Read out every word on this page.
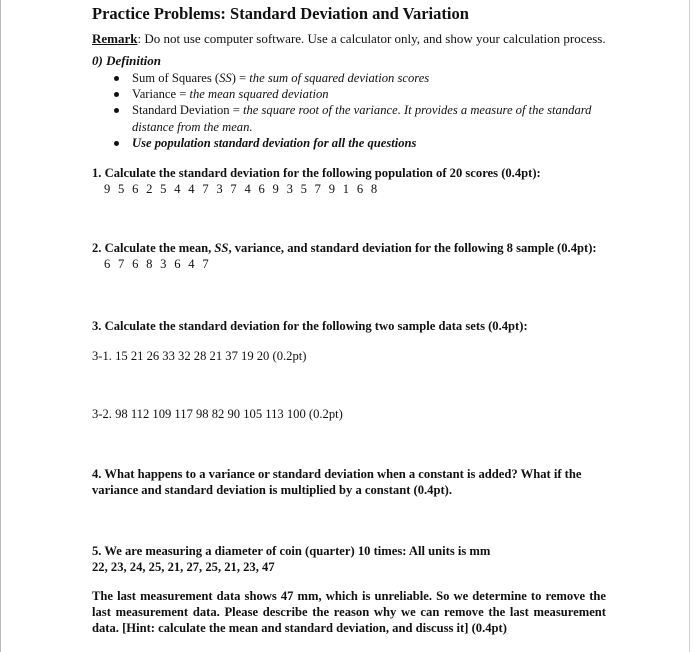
Practice Problems: Standard Deviation and Variation
Remark: Do not use computer software. Use a calculator only, and show your calculation process.
0) Definition
Sum of Squares (SS) = the sum of squared deviation scores
Variance = the mean squared deviation
Standard Deviation = the square root of the variance. It provides a measure of the standard distance from the mean.
Use population standard deviation for all the questions
1. Calculate the standard deviation for the following population of 20 scores (0.4pt):
9 5 6 2 5 4 4 7 3 7 4 6 9 3 5 7 9 1 6 8
2. Calculate the mean, SS, variance, and standard deviation for the following 8 sample (0.4pt):
6 7 6 8 3 6 4 7
3. Calculate the standard deviation for the following two sample data sets (0.4pt):
3-1. 15 21 26 33 32 28 21 37 19 20 (0.2pt)
3-2. 98 112 109 117 98 82 90 105 113 100 (0.2pt)
4. What happens to a variance or standard deviation when a constant is added? What if the
variance and standard deviation is multiplied by a constant (0.4pt).
5. We are measuring a diameter of coin (quarter) 10 times: All units is mm
22, 23, 24, 25, 21, 27, 25, 21, 23, 47
The last measurement data shows 47 mm, which is unreliable. So we determine to remove the last measurement data. Please describe the reason why we can remove the last measurement data. [Hint: calculate the mean and standard deviation, and discuss it] (0.4pt)
